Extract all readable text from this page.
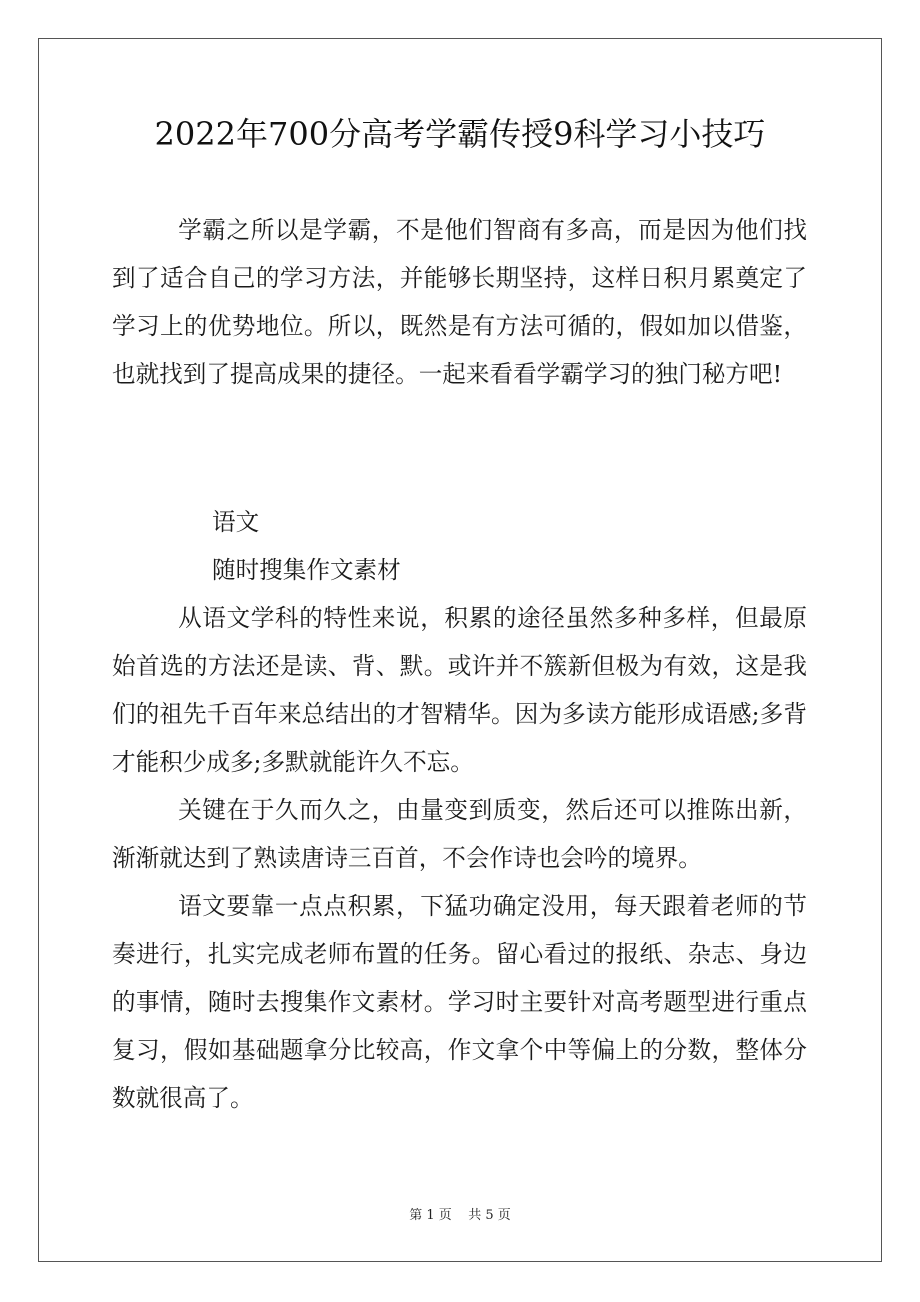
2022年700分高考学霸传授9科学习小技巧

学霸之所以是学霸，不是他们智商有多高，而是因为他们找到了适合自己的学习方法，并能够长期坚持，这样日积月累奠定了学习上的优势地位。所以，既然是有方法可循的，假如加以借鉴，也就找到了提高成果的捷径。一起来看看学霸学习的独门秘方吧!

语文

随时搜集作文素材

从语文学科的特性来说，积累的途径虽然多种多样，但最原始首选的方法还是读、背、默。或许并不簇新但极为有效，这是我们的祖先千百年来总结出的才智精华。因为多读方能形成语感;多背才能积少成多;多默就能许久不忘。

关键在于久而久之，由量变到质变，然后还可以推陈出新，渐渐就达到了熟读唐诗三百首，不会作诗也会吟的境界。

语文要靠一点点积累，下猛功确定没用，每天跟着老师的节奏进行，扎实完成老师布置的任务。留心看过的报纸、杂志、身边的事情，随时去搜集作文素材。学习时主要针对高考题型进行重点复习，假如基础题拿分比较高，作文拿个中等偏上的分数，整体分数就很高了。

第 1 页 共 5 页
